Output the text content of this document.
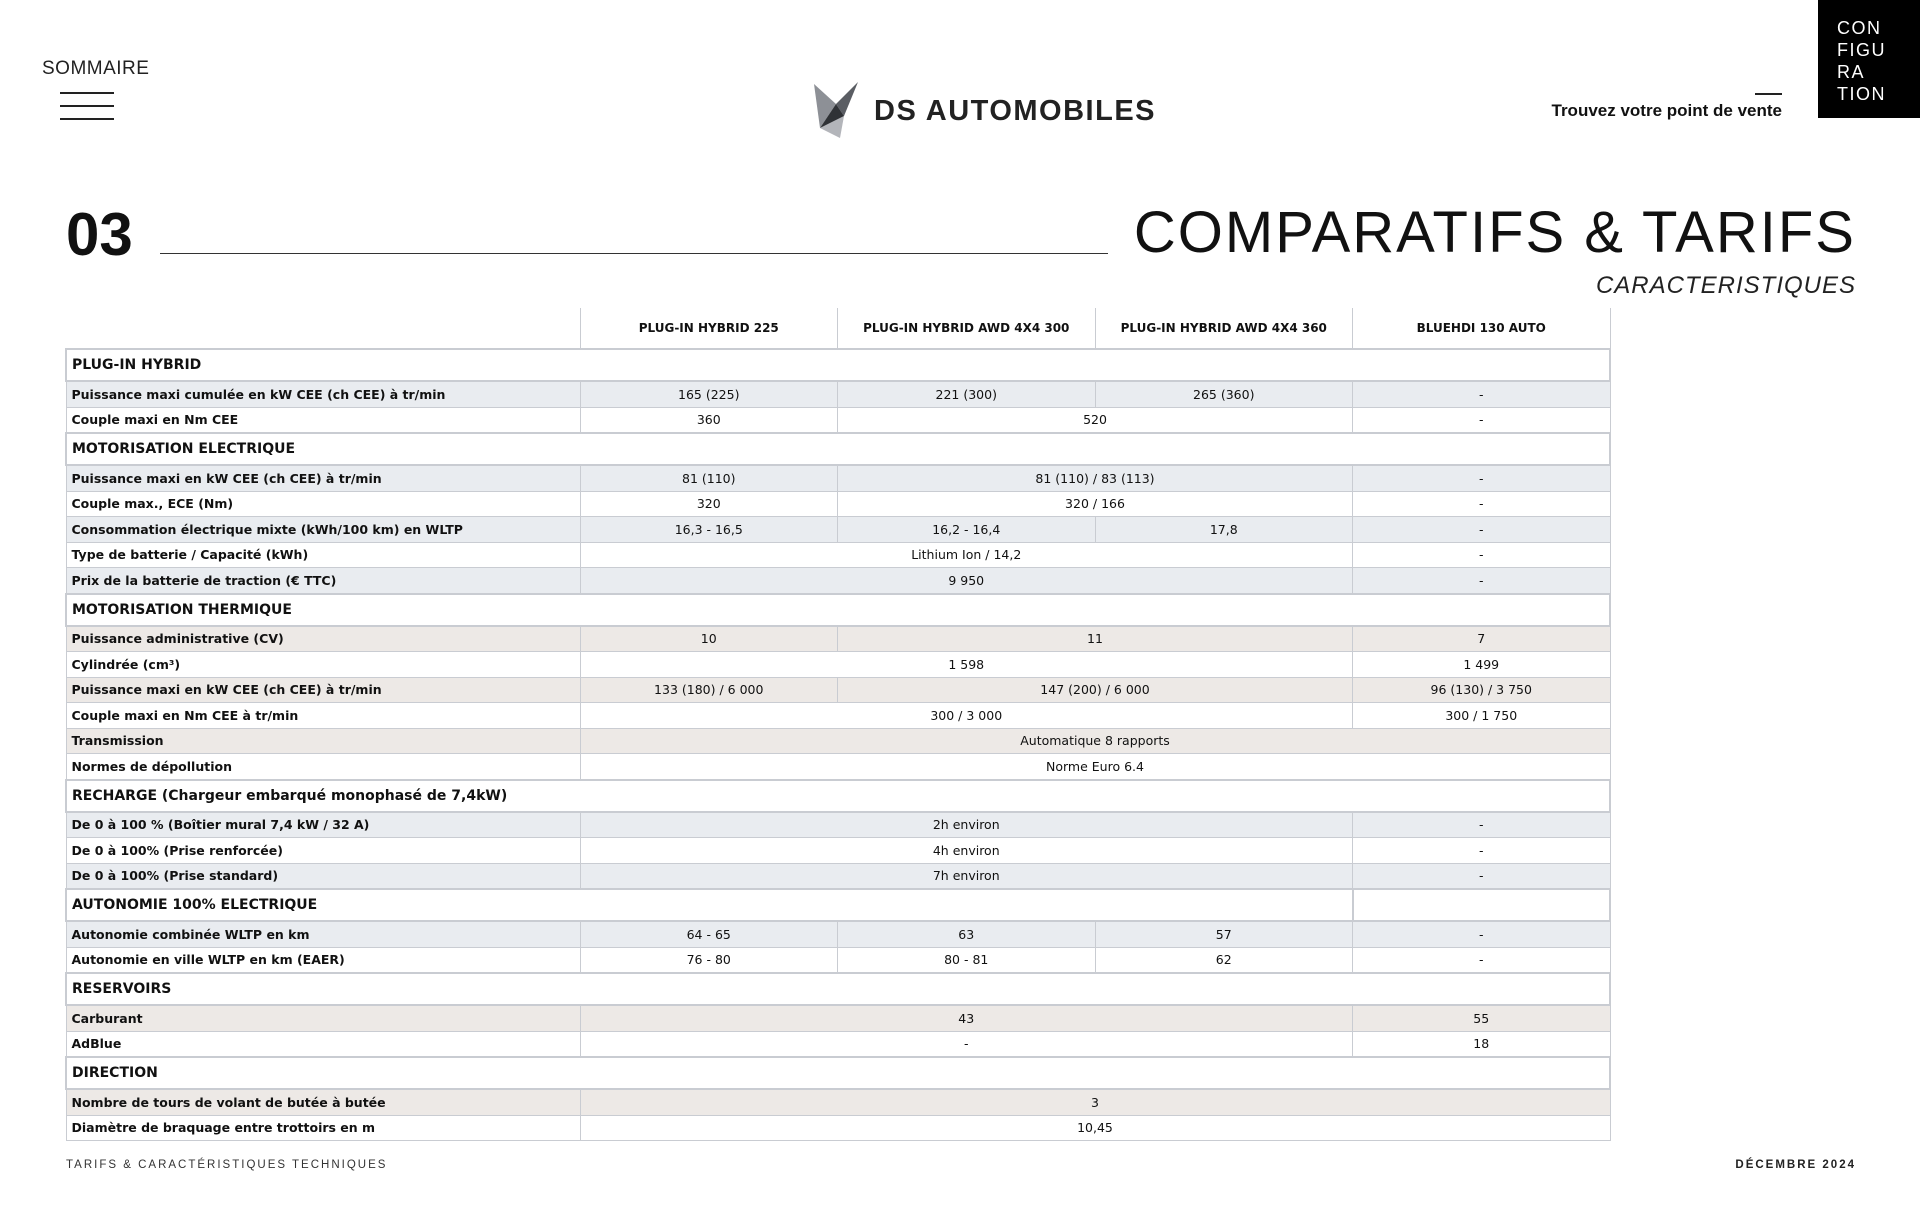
SOMMAIRE
DS AUTOMOBILES	Trouvez votre point de vente
CON
FIGU
RA
TION
03	COMPARATIFS & TARIFS
CARACTERISTIQUES
	PLUG-IN HYBRID 225	PLUG-IN HYBRID AWD 4X4 300	PLUG-IN HYBRID AWD 4X4 360	BLUEHDI 130 AUTO
PLUG-IN HYBRID				
Puissance maxi cumulée en kW CEE (ch CEE) à tr/min	165 (225)	221 (300)	265 (360)	-
Couple maxi en Nm CEE	360	520		-
MOTORISATION ELECTRIQUE				
Puissance maxi en kW CEE (ch CEE) à tr/min	81 (110)	81 (110) / 83 (113)		-
Couple max., ECE (Nm)	320	320 / 166		-
Consommation électrique mixte (kWh/100 km) en WLTP	16,3 - 16,5	16,2 - 16,4	17,8	-
Type de batterie / Capacité (kWh)	Lithium Ion / 14,2			-
Prix de la batterie de traction (€ TTC)	9 950			-
MOTORISATION THERMIQUE				
Puissance administrative (CV)	10	11		7
Cylindrée (cm³)	1 598			1 499
Puissance maxi en kW CEE (ch CEE) à tr/min	133 (180) / 6 000	147 (200) / 6 000		96 (130) / 3 750
Couple maxi en Nm CEE à tr/min	300 / 3 000			300 / 1 750
Transmission	Automatique 8 rapports			
Normes de dépollution	Norme Euro 6.4			
RECHARGE (Chargeur embarqué monophasé de 7,4kW)				
De 0 à 100 % (Boîtier mural 7,4 kW / 32 A)	2h environ			-
De 0 à 100% (Prise renforcée)	4h environ			-
De 0 à 100% (Prise standard)	7h environ			-
AUTONOMIE 100% ELECTRIQUE				
Autonomie combinée WLTP en km	64 - 65	63	57	-
Autonomie en ville WLTP en km (EAER)	76 - 80	80 - 81	62	-
RESERVOIRS				
Carburant	43			55
AdBlue	-			18
DIRECTION				
Nombre de tours de volant de butée à butée	3			
Diamètre de braquage entre trottoirs en m	10,45			
TARIFS & CARACTÉRISTIQUES TECHNIQUES	DÉCEMBRE 2024
